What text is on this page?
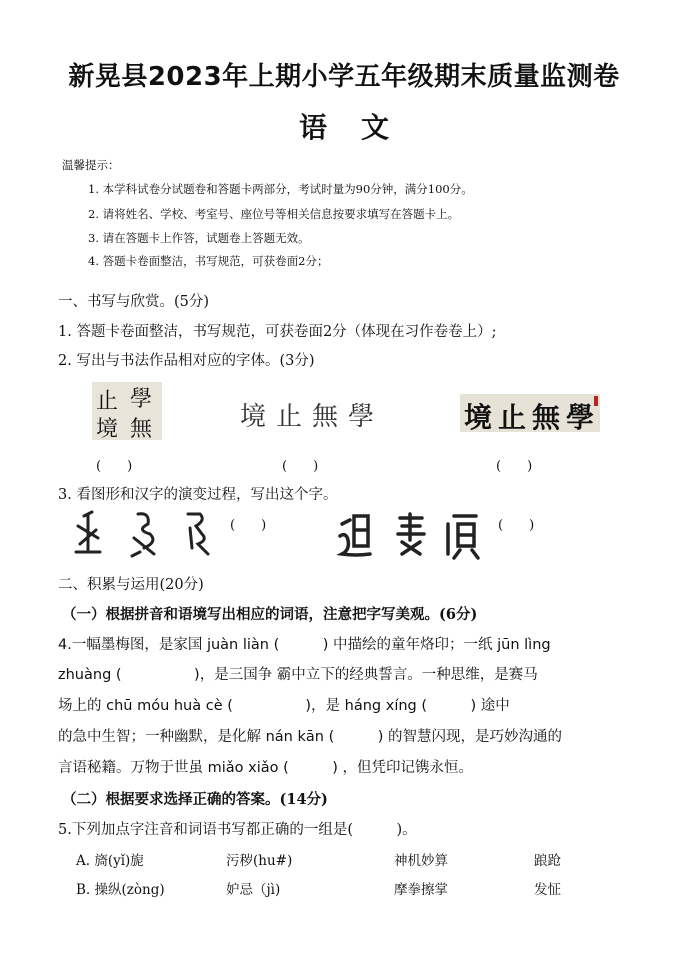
新晃县2023年上期小学五年级期末质量监测卷
语文
温馨提示：
1. 本学科试卷分试题卷和答题卡两部分，考试时量为90分钟，满分100分。
2. 请将姓名、学校、考室号、座位号等相关信息按要求填写在答题卡上。
3. 请在答题卡上作答，试题卷上答题无效。
4. 答题卡卷面整洁，书写规范，可获卷面2分；
一、书写与欣赏。(5分)
1. 答题卡卷面整洁，书写规范，可获卷面2分（体现在习作卷卷上）;
2. 写出与书法作品相对应的字体。(3分)
止 學
境 無	境 止 無 學	境 止 無 學
(　　)	(　　)	(　　)
3. 看图形和汉字的演变过程，写出这个字。
(　　)	(　　)
二、积累与运用(20分)
（一）根据拼音和语境写出相应的词语，注意把字写美观。(6分)
4.一幅墨梅图，是家国 juàn liàn (　　　) 中描绘的童年烙印；一纸 jūn lìng
zhuàng (　　　　　)，是三国争 霸中立下的经典誓言。一种思维，是赛马
场上的 chū móu huà cè (　　　　　)，是 háng xíng (　　　) 途中
的急中生智；一种幽默，是化解 nán kān (　　　) 的智慧闪现，是巧妙沟通的
言语秘籍。万物于世虽 miǎo xiǎo (　　　) ，但凭印记镌永恒。
（二）根据要求选择正确的答案。(14分)
5.下列加点字注音和词语书写都正确的一组是(　　　)。
A. 旖(yǐ)旎	污秽(hu#)	神机妙算	踉跄
B. 操纵(zòng)	妒忌（jì)	摩拳擦掌	发怔
